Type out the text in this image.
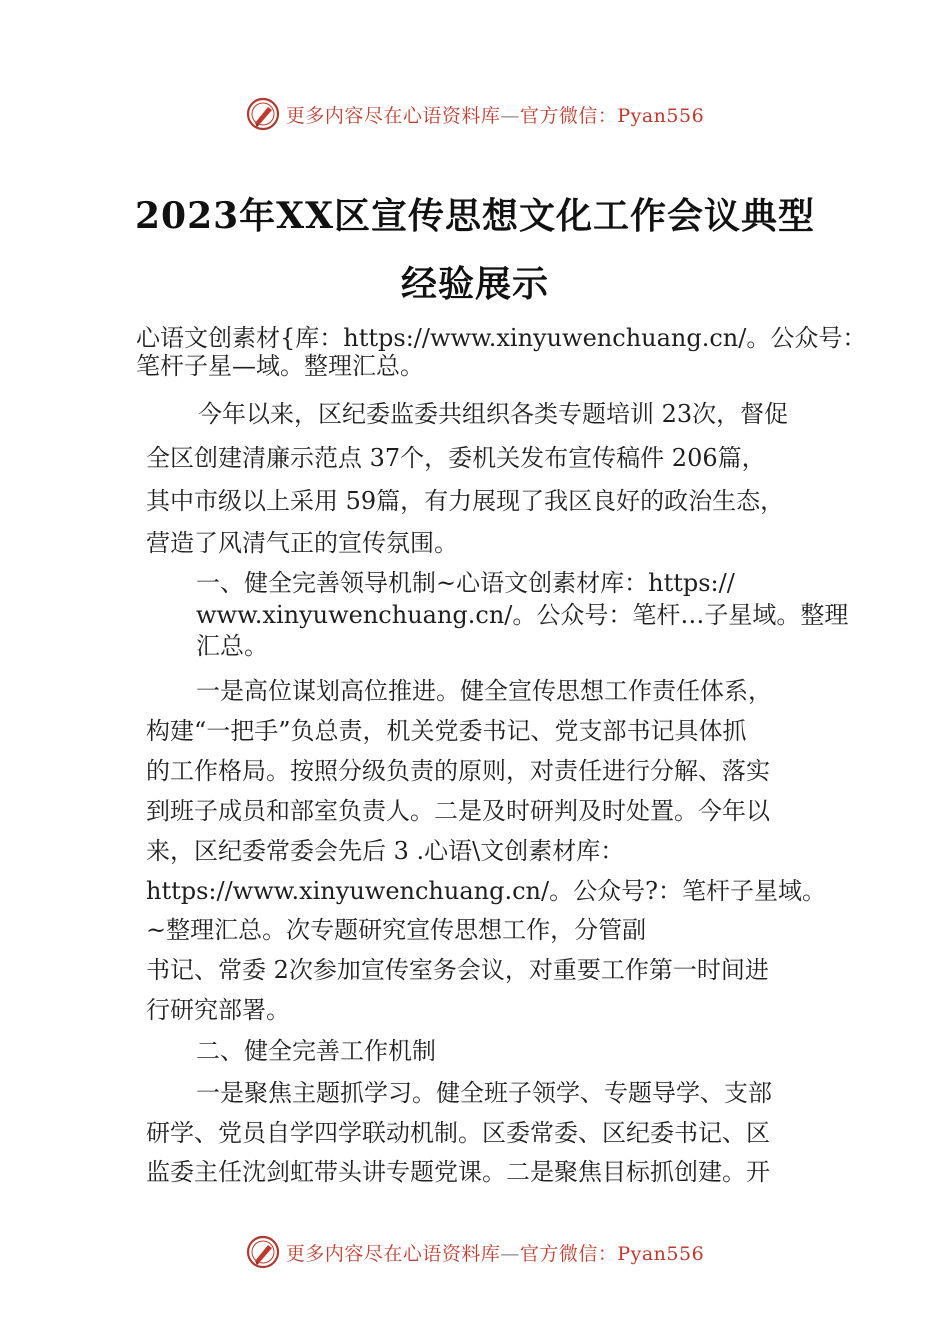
更多内容尽在心语资料库—官方微信：Pyan556
2023年XX区宣传思想文化工作会议典型
经验展示
心语文创素材{库：https://www.xinyuwenchuang.cn/。公众号：
笔杆子星—域。整理汇总。
今年以来，区纪委监委共组织各类专题培训 23次，督促
全区创建清廉示范点 37个，委机关发布宣传稿件 206篇，
其中市级以上采用 59篇，有力展现了我区良好的政治生态，
营造了风清气正的宣传氛围。
一、健全完善领导机制~心语文创素材库：https://
www.xinyuwenchuang.cn/。公众号：笔杆…子星域。整理
汇总。
一是高位谋划高位推进。健全宣传思想工作责任体系，
构建“一把手”负总责，机关党委书记、党支部书记具体抓
的工作格局。按照分级负责的原则，对责任进行分解、落实
到班子成员和部室负责人。二是及时研判及时处置。今年以
来，区纪委常委会先后 3 .心语\文创素材库：
https://www.xinyuwenchuang.cn/。公众号?：笔杆子星域。
~整理汇总。次专题研究宣传思想工作，分管副
书记、常委 2次参加宣传室务会议，对重要工作第一时间进
行研究部署。
二、健全完善工作机制
一是聚焦主题抓学习。健全班子领学、专题导学、支部
研学、党员自学四学联动机制。区委常委、区纪委书记、区
监委主任沈剑虹带头讲专题党课。二是聚焦目标抓创建。开
更多内容尽在心语资料库—官方微信：Pyan556
